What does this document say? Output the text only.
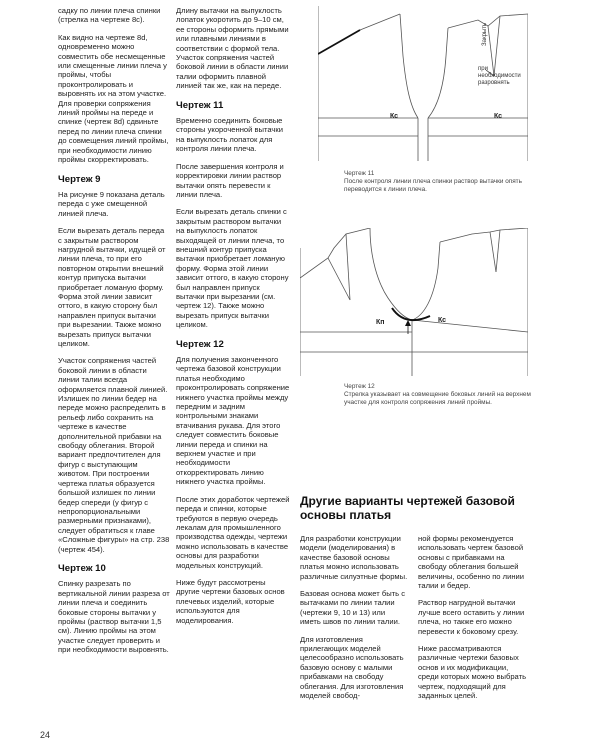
садку по линии плеча спинки (стрелка на чертеже 8с).

Как видно на чертеже 8d, одновременно можно совместить обе несмещенные или смещенные линии плеча у проймы, чтобы проконтролировать и выровнять их на этом участке. Для проверки сопряжения линий проймы на переде и спинке (чертеж 8d) сдвиньте перед по линии плеча спинки до совмещения линий проймы, при необходимости линию проймы скорректировать.

Чертеж 9

На рисунке 9 показана деталь переда с уже смещенной линией плеча.

Если вырезать деталь переда с закрытым раствором нагрудной вытачки, идущей от линии плеча, то при его повторном открытии внешний контур припуска вытачки приобретает ломаную форму. Форма этой линии зависит оттого, в какую сторону был направлен припуск вытачки при вырезании. Также можно вырезать припуск вытачки целиком.

Участок сопряжения частей боковой линии в области линии талии всегда оформляется плавной линией. Излишек по линии бедер на переде можно распределить в рельеф либо сохранить на чертеже в качестве дополнительной прибавки на свободу облегания. Второй вариант предпочтителен для фигур с выступающим животом. При построении чертежа платья образуется большой излишек по линии бедер спереди (у фигур с непропорциональными размерными признаками), следует обратиться к главе «Сложные фигуры» на стр. 238 (чертеж 454).

Чертеж 10

Спинку разрезать по вертикальной линии разреза от линии плеча и соединить боковые стороны вытачки у проймы (раствор вытачки 1,5 см). Линию проймы на этом участке следует проверить и при необходимости выровнять.

Длину вытачки на выпуклость лопаток укоротить до 9–10 см, ее стороны оформить прямыми или плавными линиями в соответствии с формой тела. Участок сопряжения частей боковой линии в области линии талии оформить плавной линией так же, как на переде.

Чертеж 11

Временно соединить боковые стороны укороченной вытачки на выпуклость лопаток для контроля линии плеча.

После завершения контроля и корректировки линии раствор вытачки опять перевести к линии плеча.

Если вырезать деталь спинки с закрытым раствором вытачки на выпуклость лопаток выходящей от линии плеча, то внешний контур припуска вытачки приобретает ломаную форму. Форма этой линии зависит оттого, в какую сторону был направлен припуск вытачки при вырезании (см. чертеж 12). Также можно вырезать припуск вытачки целиком.

Чертеж 12

Для получения законченного чертежа базовой конструкции платья необходимо проконтролировать сопряжение нижнего участка проймы между передним и задним контрольными знаками втачивания рукава. Для этого следует совместить боковые линии переда и спинки на верхнем участке и при необходимости откорректировать линию нижнего участка проймы.

После этих доработок чертежей переда и спинки, которые требуются в первую очередь лекалам для промышленного производства одежды, чертежи можно использовать в качестве основы для разработки модельных конструкций.

Ниже будут рассмотрены другие чертежи базовых основ плечевых изделий, которые используются для моделирования.

Кс	Кс
Закрыть
при необходимости разровнять
Чертеж 11
После контроля линии плеча спинки раствор вытачки опять переводится к линии плеча.
Кп	Кс
Чертеж 12
Стрелка указывает на совмещение боковых линий на верхнем участке для контроля сопряжения линий проймы.
Другие варианты чертежей базовой основы платья

Для разработки конструкции модели (моделирования) в качестве базовой основы платья можно использовать различные силуэтные формы.

Базовая основа может быть с вытачками по линии талии (чертежи 9, 10 и 13) или иметь швов по линии талии.

Для изготовления прилегающих моделей целесообразно использовать базовую основу с малыми прибавками на свободу облегания. Для изготовления моделей свобод-

ной формы рекомендуется использовать чертеж базовой основы с прибавками на свободу облегания большей величины, особенно по линии талии и бедер.

Раствор нагрудной вытачки лучше всего оставить у линии плеча, но также его можно перевести к боковому срезу.

Ниже рассматриваются различные чертежи базовых основ и их модификации, среди которых можно выбрать чертеж, подходящий для заданных целей.

24
